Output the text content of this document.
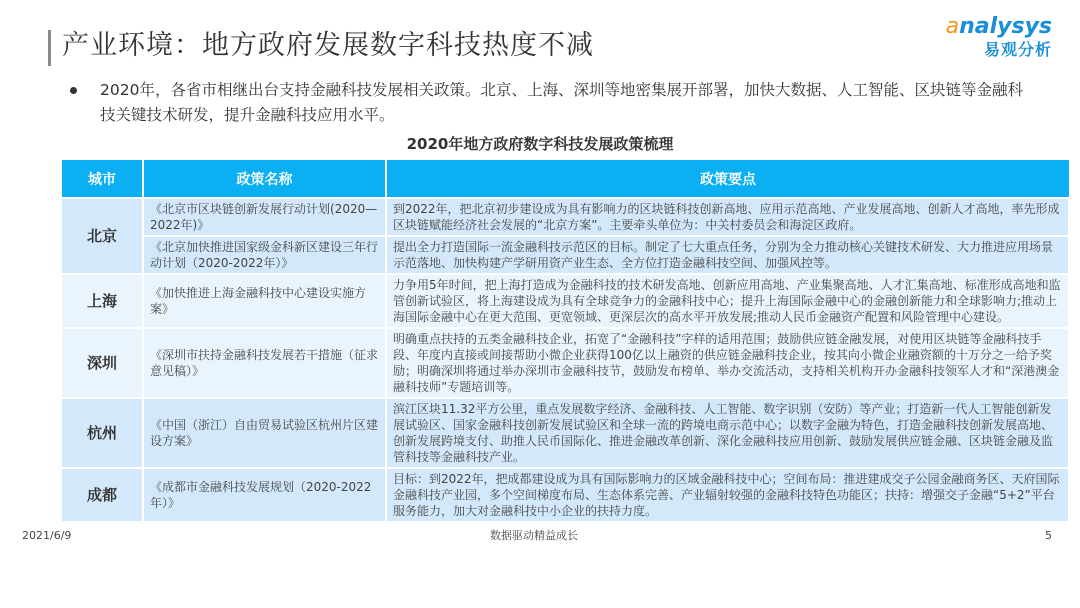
产业环境：地方政府发展数字科技热度不减
analysys
易观分析
2020年，各省市相继出台支持金融科技发展相关政策。北京、上海、深圳等地密集展开部署，加快大数据、人工智能、区块链等金融科技关键技术研发，提升金融科技应用水平。
2020年地方政府数字科技发展政策梳理
城市	政策名称	政策要点
北京	《北京市区块链创新发展行动计划(2020—2022年)》	到2022年，把北京初步建设成为具有影响力的区块链科技创新高地、应用示范高地、产业发展高地、创新人才高地，率先形成区块链赋能经济社会发展的“北京方案”。主要牵头单位为：中关村委员会和海淀区政府。
	《北京加快推进国家级金科新区建设三年行动计划（2020-2022年）》	提出全力打造国际一流金融科技示范区的目标。制定了七大重点任务，分别为全力推动核心关键技术研发、大力推进应用场景示范落地、加快构建产学研用资产业生态、全方位打造金融科技空间、加强风控等。
上海	《加快推进上海金融科技中心建设实施方案》	力争用5年时间，把上海打造成为金融科技的技术研发高地、创新应用高地、产业集聚高地、人才汇集高地、标准形成高地和监管创新试验区，将上海建设成为具有全球竞争力的金融科技中心；提升上海国际金融中心的金融创新能力和全球影响力;推动上海国际金融中心在更大范围、更宽领域、更深层次的高水平开放发展;推动人民币金融资产配置和风险管理中心建设。
深圳	《深圳市扶持金融科技发展若干措施（征求意见稿）》	明确重点扶持的五类金融科技企业，拓宽了“金融科技”字样的适用范围；鼓励供应链金融发展，对使用区块链等金融科技手段、年度内直接或间接帮助小微企业获得100亿以上融资的供应链金融科技企业，按其向小微企业融资额的十万分之一给予奖励；明确深圳将通过举办深圳市金融科技节，鼓励发布榜单、举办交流活动，支持相关机构开办金融科技领军人才和“深港澳金融科技师”专题培训等。
杭州	《中国（浙江）自由贸易试验区杭州片区建设方案》	滨江区块11.32平方公里，重点发展数字经济、金融科技、人工智能、数字识别（安防）等产业；打造新一代人工智能创新发展试验区、国家金融科技创新发展试验区和全球一流的跨境电商示范中心；以数字金融为特色，打造金融科技创新发展高地、创新发展跨境支付、助推人民币国际化、推进金融改革创新、深化金融科技应用创新、鼓励发展供应链金融、区块链金融及监管科技等金融科技产业。
成都	《成都市金融科技发展规划（2020-2022年）》	目标：到2022年，把成都建设成为具有国际影响力的区域金融科技中心；空间布局：推进建成交子公园金融商务区、天府国际金融科技产业园，多个空间梯度布局、生态体系完善、产业辐射较强的金融科技特色功能区；扶持：增强交子金融“5+2”平台服务能力，加大对金融科技中小企业的扶持力度。
2021/6/9	数据驱动精益成长	5
